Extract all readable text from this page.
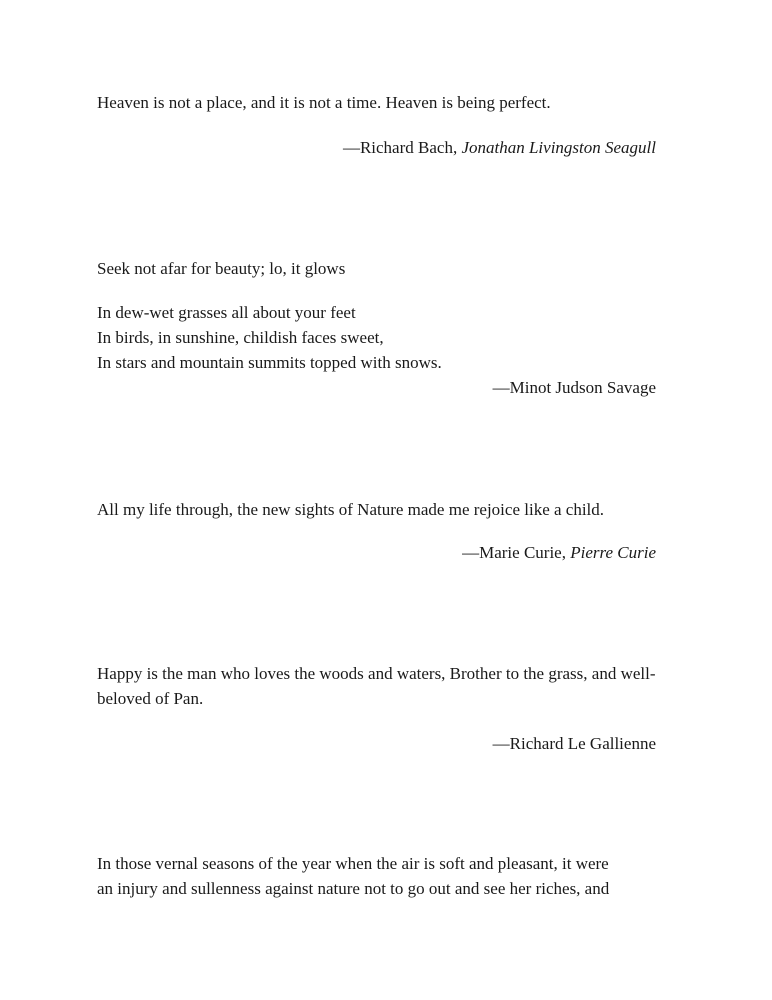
Heaven is not a place, and it is not a time. Heaven is being perfect.
—Richard Bach, Jonathan Livingston Seagull
Seek not afar for beauty; lo, it glows
In dew-wet grasses all about your feet
In birds, in sunshine, childish faces sweet,
In stars and mountain summits topped with snows.
—Minot Judson Savage
All my life through, the new sights of Nature made me rejoice like a child.
—Marie Curie, Pierre Curie
Happy is the man who loves the woods and waters, Brother to the grass, and well-beloved of Pan.
—Richard Le Gallienne
In those vernal seasons of the year when the air is soft and pleasant, it were
an injury and sullenness against nature not to go out and see her riches, and
